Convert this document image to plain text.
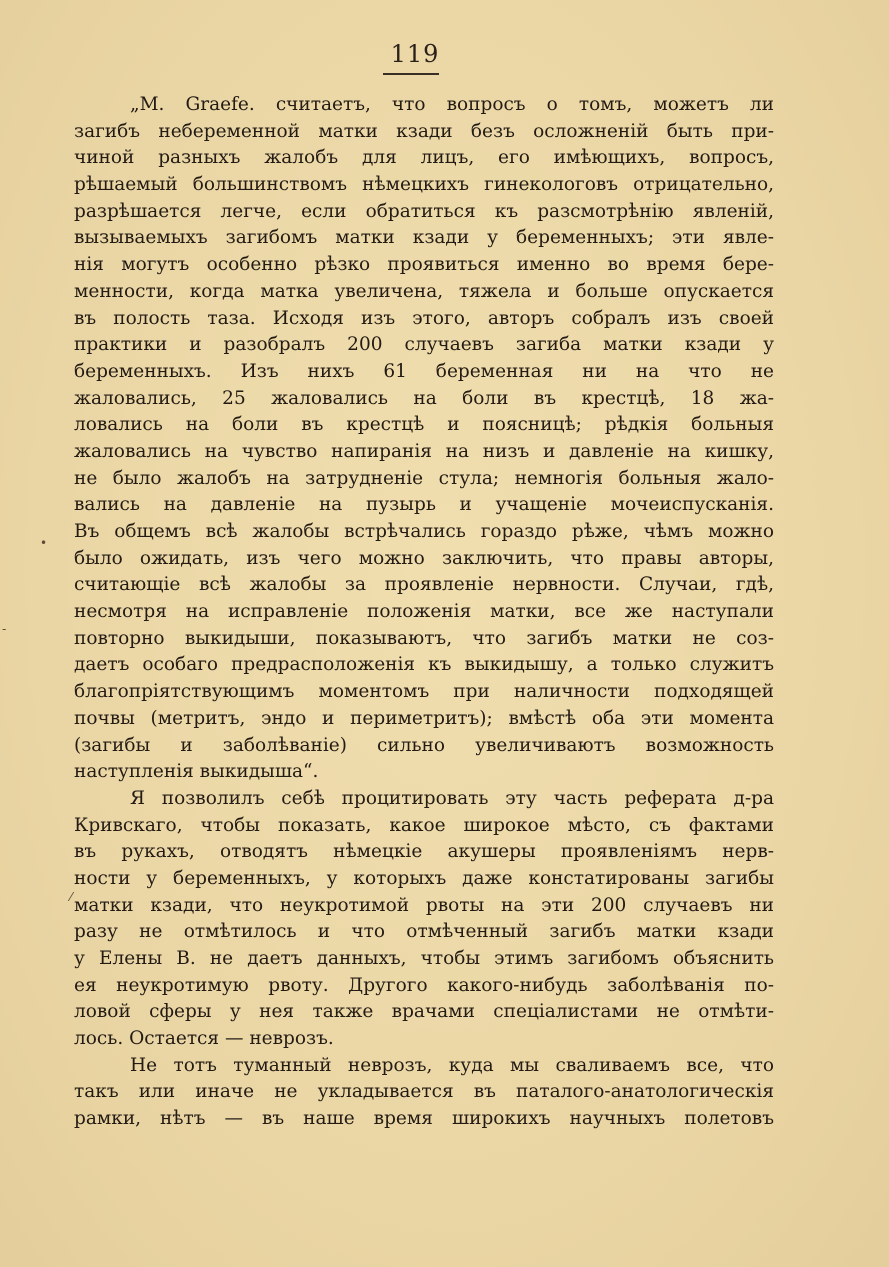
119
„M. Graefe. считаетъ, что вопросъ о томъ, можетъ ли
загибъ небеременной матки кзади безъ осложненій быть при-
чиной разныхъ жалобъ для лицъ, его имѣющихъ, вопросъ,
рѣшаемый большинствомъ нѣмецкихъ гинекологовъ отрицательно,
разрѣшается легче, если обратиться къ разсмотрѣнію явленій,
вызываемыхъ загибомъ матки кзади у беременныхъ; эти явле-
нія могутъ особенно рѣзко проявиться именно во время бере-
менности, когда матка увеличена, тяжела и больше опускается
въ полость таза. Исходя изъ этого, авторъ собралъ изъ своей
практики и разобралъ 200 случаевъ загиба матки кзади у
беременныхъ. Изъ нихъ 61 беременная ни на что не
жаловались, 25 жаловались на боли въ крестцѣ, 18 жа-
ловались на боли въ крестцѣ и поясницѣ; рѣдкія больныя
жаловались на чувство напиранія на низъ и давленіе на кишку,
не было жалобъ на затрудненіе стула; немногія больныя жало-
вались на давленіе на пузырь и учащеніе мочеиспусканія.
Въ общемъ всѣ жалобы встрѣчались гораздо рѣже, чѣмъ можно
было ожидать, изъ чего можно заключить, что правы авторы,
считающіе всѣ жалобы за проявленіе нервности. Случаи, гдѣ,
несмотря на исправленіе положенія матки, все же наступали
повторно выкидыши, показываютъ, что загибъ матки не соз-
даетъ особаго предрасположенія къ выкидышу, а только служитъ
благопріятствующимъ моментомъ при наличности подходящей
почвы (метритъ, эндо и периметритъ); вмѣстѣ оба эти момента
(загибы и заболѣваніе) сильно увеличиваютъ возможность
наступленія выкидыша“.
Я позволилъ себѣ процитировать эту часть реферата д-ра
Кривскаго, чтобы показать, какое широкое мѣсто, съ фактами
въ рукахъ, отводятъ нѣмецкіе акушеры проявленіямъ нерв-
ности у беременныхъ, у которыхъ даже констатированы загибы
матки кзади, что неукротимой рвоты на эти 200 случаевъ ни
разу не отмѣтилось и что отмѣченный загибъ матки кзади
у Елены В. не даетъ данныхъ, чтобы этимъ загибомъ объяснить
ея неукротимую рвоту. Другого какого-нибудь заболѣванія по-
ловой сферы у нея также врачами спеціалистами не отмѣти-
лось. Остается — неврозъ.
Не тотъ туманный неврозъ, куда мы сваливаемъ все, что
такъ или иначе не укладывается въ паталого-анатологическія
рамки, нѣтъ — въ наше время широкихъ научныхъ полетовъ
•
‑
⁄
